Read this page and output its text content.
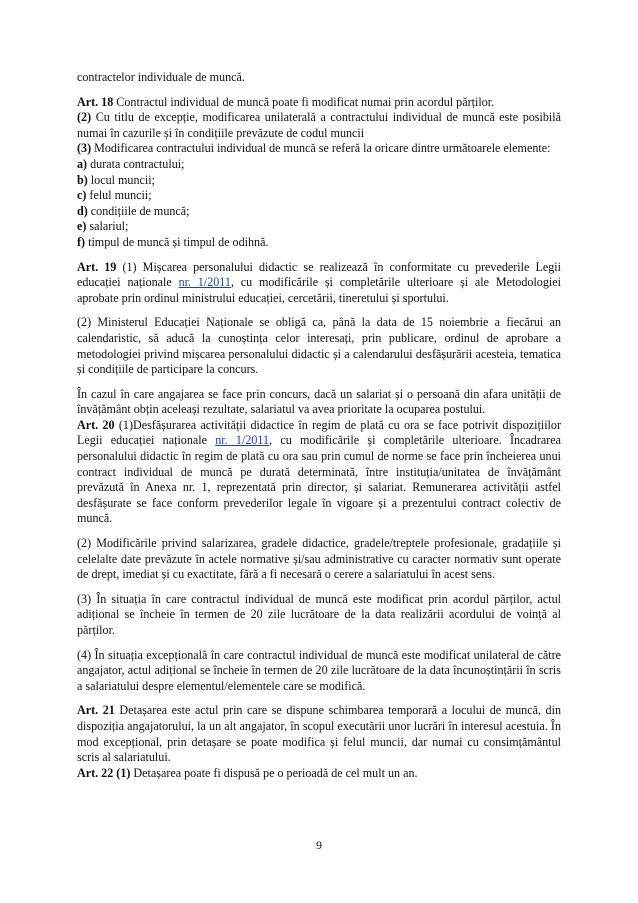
contractelor individuale de muncă.

Art. 18 Contractul individual de muncă poate fi modificat numai prin acordul părților.

(2) Cu titlu de excepție, modificarea unilaterală a contractului individual de muncă este posibilă numai în cazurile și în condițiile prevăzute de codul muncii

(3) Modificarea contractului individual de muncă se referă la oricare dintre următoarele elemente:

a) durata contractului;

b) locul muncii;

c) felul muncii;

d) condițiile de muncă;

e) salariul;

f) timpul de muncă și timpul de odihnă.

Art. 19 (1) Mișcarea personalului didactic se realizează în conformitate cu prevederile Legii educației naționale nr. 1/2011, cu modificările și completările ulterioare și ale Metodologiei aprobate prin ordinul ministrului educației, cercetării, tineretului și sportului.

(2) Ministerul Educației Naționale se obligă ca, până la data de 15 noiembrie a fiecărui an calendaristic, să aducă la cunoștința celor interesați, prin publicare, ordinul de aprobare a metodologiei privind mișcarea personalului didactic și a calendarului desfășurării acesteia, tematica și condițiile de participare la concurs.

În cazul în care angajarea se face prin concurs, dacă un salariat și o persoană din afara unității de învățământ obțin aceleași rezultate, salariatul va avea prioritate la ocuparea postului.

Art. 20 (1)Desfășurarea activității didactice în regim de plată cu ora se face potrivit dispozițiilor Legii educației naționale nr. 1/2011, cu modificările și completările ulterioare. Încadrarea personalului didactic în regim de plată cu ora sau prin cumul de norme se face prin încheierea unui contract individual de muncă pe durată determinată, între instituția/unitatea de învățământ prevăzută în Anexa nr. 1, reprezentată prin director, și salariat. Remunerarea activității astfel desfășurate se face conform prevederilor legale în vigoare și a prezentului contract colectiv de muncă.

(2) Modificările privind salarizarea, gradele didactice, gradele/treptele profesionale, gradațiile și celelalte date prevăzute în actele normative și/sau administrative cu caracter normativ sunt operate de drept, imediat și cu exactitate, fără a fi necesară o cerere a salariatului în acest sens.

(3) În situația în care contractul individual de muncă este modificat prin acordul părților, actul adițional se încheie în termen de 20 zile lucrătoare de la data realizării acordului de voință al părților.

(4) În situația excepțională în care contractul individual de muncă este modificat unilateral de către angajator, actul adițional se încheie în termen de 20 zile lucrătoare de la data încunoștințării în scris a salariatului despre elementul/elementele care se modifică.

Art. 21 Detașarea este actul prin care se dispune schimbarea temporară a locului de muncă, din dispoziția angajatorului, la un alt angajator, în scopul executării unor lucrări în interesul acestuia. În mod excepțional, prin detașare se poate modifica și felul muncii, dar numai cu consimțământul scris al salariatului.

Art. 22 (1) Detașarea poate fi dispusă pe o perioadă de cel mult un an.

9
